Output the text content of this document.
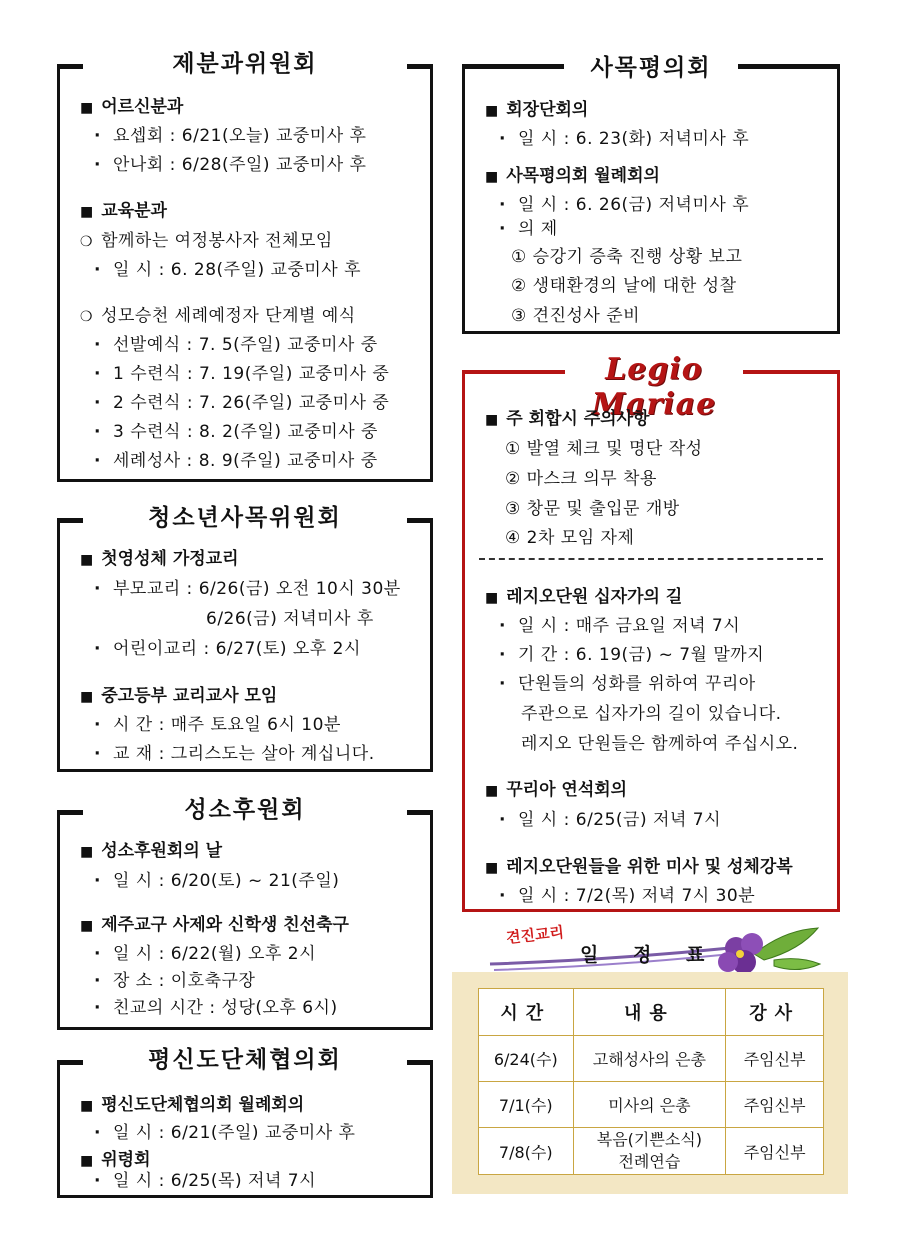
제분과위원회
■ 어르신분과
· 요셉회 : 6/21(오늘) 교중미사 후
· 안나회 : 6/28(주일) 교중미사 후
■ 교육분과
❍ 함께하는 여정봉사자 전체모임
· 일 시 : 6. 28(주일) 교중미사 후
❍ 성모승천 세례예정자 단계별 예식
· 선발예식 : 7. 5(주일) 교중미사 중
· 1 수련식 : 7. 19(주일) 교중미사 중
· 2 수련식 : 7. 26(주일) 교중미사 중
· 3 수련식 : 8. 2(주일) 교중미사 중
· 세례성사 : 8. 9(주일) 교중미사 중
청소년사목위원회
■ 첫영성체 가정교리
· 부모교리 : 6/26(금) 오전 10시 30분
6/26(금) 저녁미사 후
· 어린이교리 : 6/27(토) 오후 2시
■ 중고등부 교리교사 모임
· 시 간 : 매주 토요일 6시 10분
· 교 재 : 그리스도는 살아 계십니다.
성소후원회
■ 성소후원회의 날
· 일 시 : 6/20(토) ~ 21(주일)
■ 제주교구 사제와 신학생 친선축구
· 일 시 : 6/22(월) 오후 2시
· 장 소 : 이호축구장
· 친교의 시간 : 성당(오후 6시)
평신도단체협의회
■ 평신도단체협의회 월례회의
· 일 시 : 6/21(주일) 교중미사 후
■ 위령회
· 일 시 : 6/25(목) 저녁 7시
사목평의회
■ 회장단회의
· 일 시 : 6. 23(화) 저녁미사 후
■ 사목평의회 월례회의
· 일 시 : 6. 26(금) 저녁미사 후
· 의 제
① 승강기 증축 진행 상황 보고
② 생태환경의 날에 대한 성찰
③ 견진성사 준비
Legio Mariae
■ 주 회합시 주의사항
① 발열 체크 및 명단 작성
② 마스크 의무 착용
③ 창문 및 출입문 개방
④ 2차 모임 자제
■ 레지오단원 십자가의 길
· 일 시 : 매주 금요일 저녁 7시
· 기 간 : 6. 19(금) ~ 7월 말까지
· 단원들의 성화를 위하여 꾸리아
주관으로 십자가의 길이 있습니다.
레지오 단원들은 함께하여 주십시오.
■ 꾸리아 연석회의
· 일 시 : 6/25(금) 저녁 7시
■ 레지오단원들을 위한 미사 및 성체강복
· 일 시 : 7/2(목) 저녁 7시 30분
견진교리
일 정 표
시간	내용	강사
6/24(수)	고해성사의 은총	주임신부
7/1(수)	미사의 은총	주임신부
7/8(수)	복음(기쁜소식)
전례연습	주임신부
